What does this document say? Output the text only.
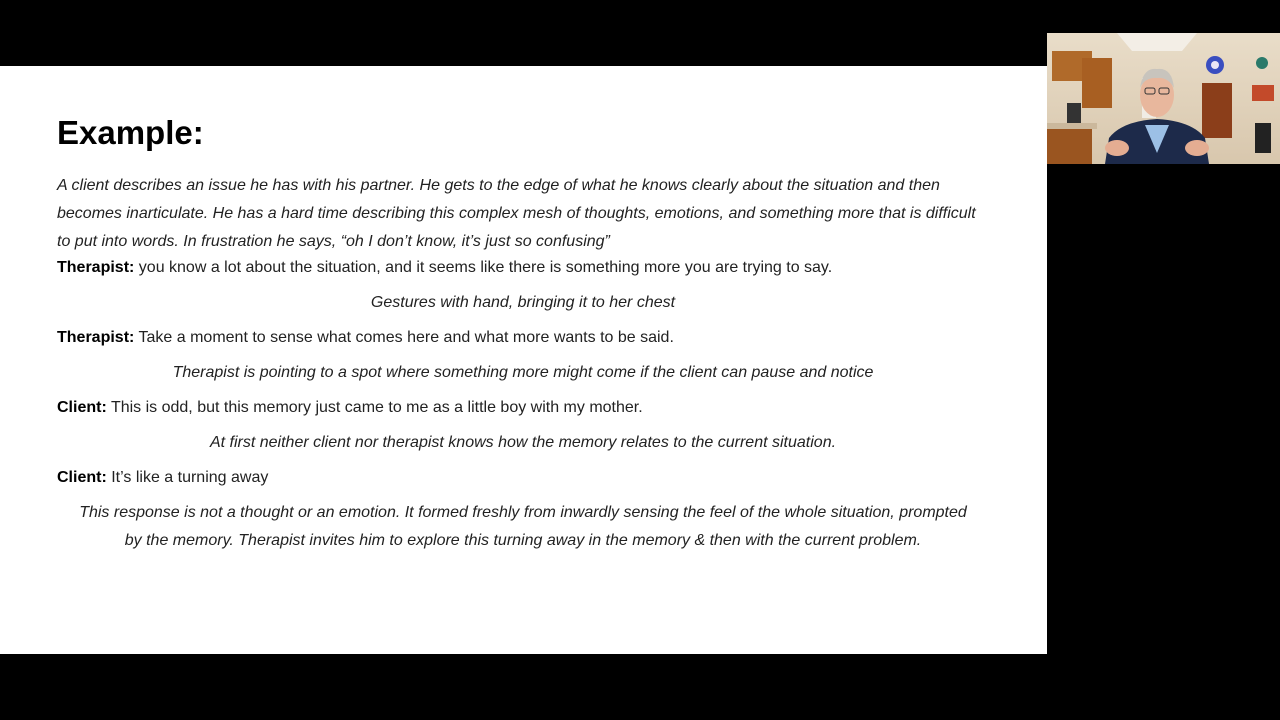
Example:

A client describes an issue he has with his partner. He gets to the edge of what he knows clearly about the situation and then becomes inarticulate. He has a hard time describing this complex mesh of thoughts, emotions, and something more that is difficult to put into words. In frustration he says, “oh I don’t know, it’s just so confusing”

Therapist: you know a lot about the situation, and it seems like there is something more you are trying to say.

Gestures with hand, bringing it to her chest

Therapist: Take a moment to sense what comes here and what more wants to be said.

Therapist is pointing to a spot where something more might come if the client can pause and notice

Client: This is odd, but this memory just came to me as a little boy with my mother.

At first neither client nor therapist knows how the memory relates to the current situation.

Client: It’s like a turning away

This response is not a thought or an emotion. It formed freshly from inwardly sensing the feel of the whole situation, prompted by the memory. Therapist invites him to explore this turning away in the memory & then with the current problem.
